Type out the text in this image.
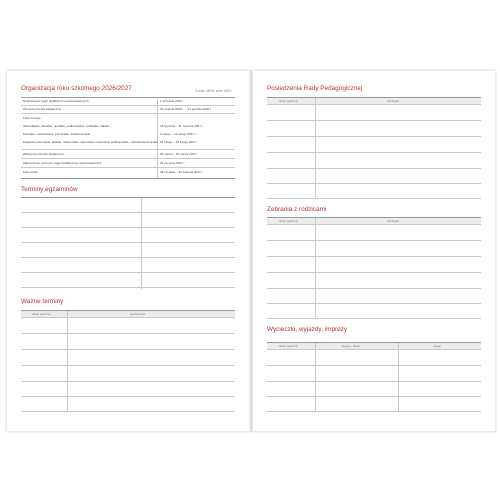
Organizacja roku szkolnego 2026/2027	Źródło: MEN, wzór MEN
Rozpoczęcie zajęć dydaktyczno-wychowawczych	1 września 2026 r.
Zimowa przerwa świąteczna	23 grudnia 2026 r. – 31 grudnia 2026 r.
Ferie zimowe
dolnośląskie, lubuskie, opolskie, podkarpackie, podlaskie, śląskie	18 stycznia – 31 stycznia 2027 r.
lubelskie, mazowieckie, pomorskie, świętokrzyskie	1 lutego – 14 lutego 2027 r.
kujawsko-pomorskie, łódzkie, małopolskie, warmińsko-mazurskie, wielkopolskie, zachodniopomorskie 15 lutego – 28 lutego 2027 r.
Wiosenna przerwa świąteczna	25 marca – 30 marca 2027 r.
Zakończenie rocznych zajęć dydaktyczno-wychowawczych	25 czerwca 2027 r.
Ferie letnie	28 czerwca – 31 sierpnia 2027 r.
Terminy egzaminów
Ważne terminy
dzień godzina	wydarzenie
Posiedzenia Rady Pedagogicznej
dzień godzina	tematyka
Zebrania z rodzicami
dzień godzina	tematyka
Wycieczki, wyjazdy, imprezy
dzień godzina	miejsce, klasa	uwagi
